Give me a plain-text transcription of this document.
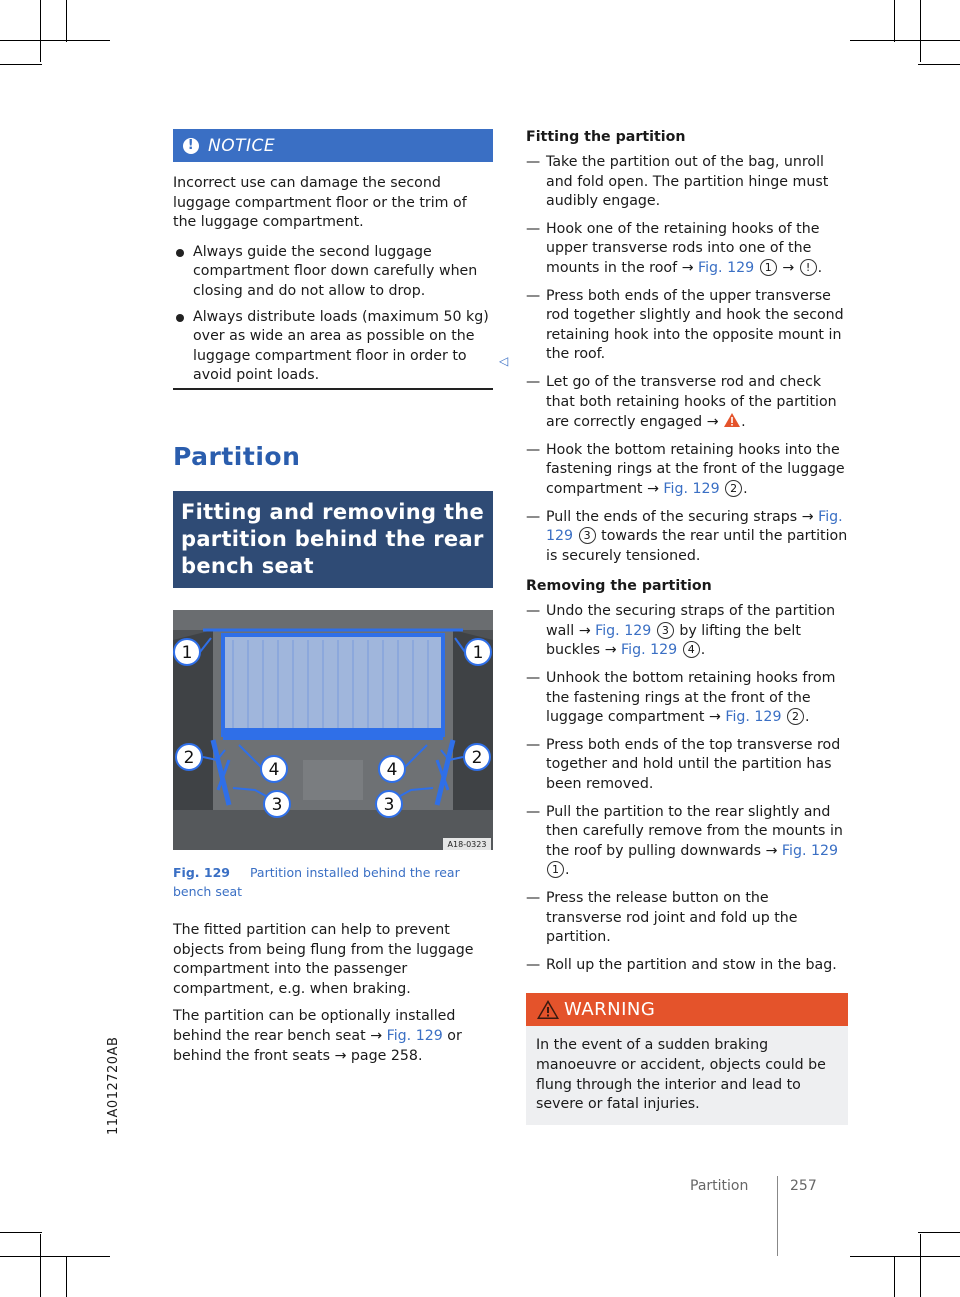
11A012720AB
! NOTICE

Incorrect use can damage the second luggage compartment floor or the trim of the luggage compartment.

Always guide the second luggage compartment floor down carefully when closing and do not allow to drop.
Always distribute loads (maximum 50 kg) over as wide an area as possible on the luggage compartment floor in order to avoid point loads.
◁
Partition
Fitting and removing the partition behind the rear bench seat
1	1
2	2
4	4
3	3
A18-0323
Fig. 129 Partition installed behind the rear bench seat

The fitted partition can help to prevent objects from being flung from the luggage compartment into the passenger compartment, e.g. when braking.

The partition can be optionally installed behind the rear bench seat → Fig. 129 or behind the front seats → page 258.

Fitting the partition
— Take the partition out of the bag, unroll and fold open. The partition hinge must audibly engage.
— Hook one of the retaining hooks of the upper transverse rods into one of the mounts in the roof → Fig. 129 1 → ! .
— Press both ends of the upper transverse rod together slightly and hook the second retaining hook into the opposite mount in the roof.
— Let go of the transverse rod and check that both retaining hooks of the partition are correctly engaged → .
— Hook the bottom retaining hooks into the fastening rings at the front of the luggage compartment → Fig. 129 2 .
— Pull the ends of the securing straps → Fig. 129 3 towards the rear until the partition is securely tensioned.
Removing the partition
— Undo the securing straps of the partition wall → Fig. 129 3 by lifting the belt buckles → Fig. 129 4 .
— Unhook the bottom retaining hooks from the fastening rings at the front of the luggage compartment → Fig. 129 2 .
— Press both ends of the top transverse rod together and hold until the partition has been removed.
— Pull the partition to the rear slightly and then carefully remove from the mounts in the roof by pulling downwards → Fig. 129 1 .
— Press the release button on the transverse rod joint and fold up the partition.
— Roll up the partition and stow in the bag.
WARNING
In the event of a sudden braking manoeuvre or accident, objects could be flung through the interior and lead to severe or fatal injuries.
Partition	257
